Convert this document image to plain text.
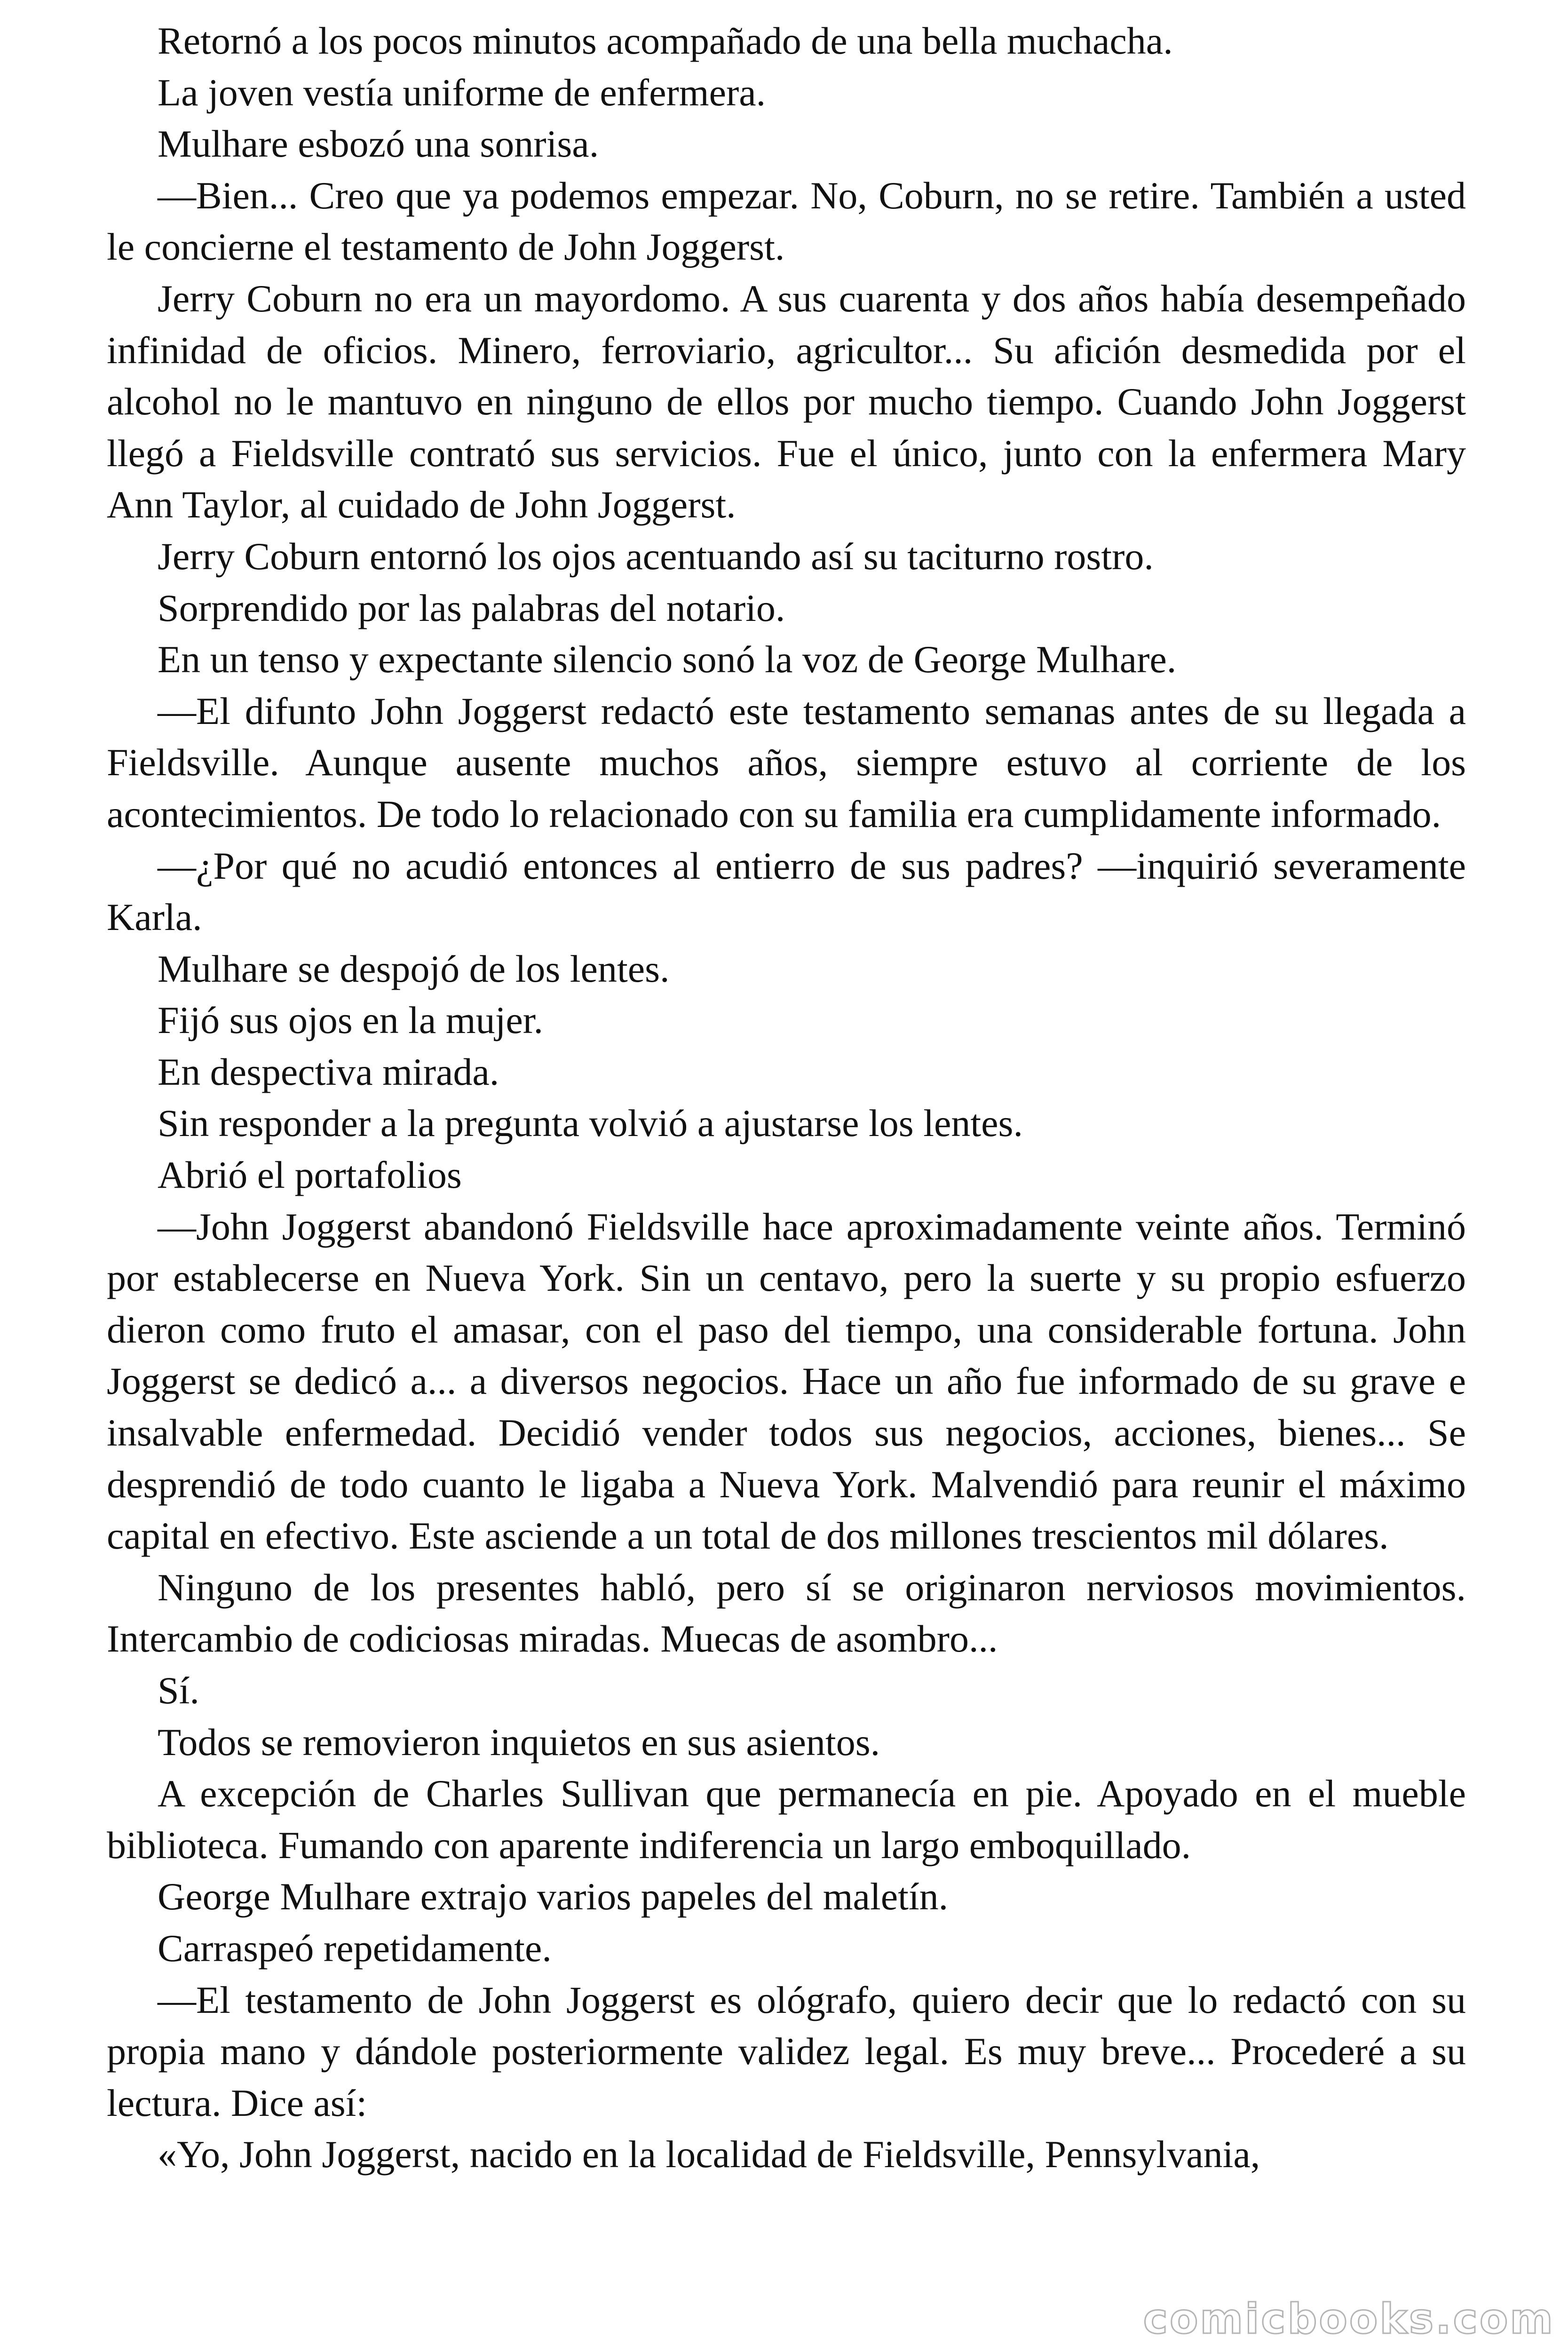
Retornó a los pocos minutos acompañado de una bella muchacha.

La joven vestía uniforme de enfermera.

Mulhare esbozó una sonrisa.

—Bien... Creo que ya podemos empezar. No, Coburn, no se retire. También a usted le concierne el testamento de John Joggerst.

Jerry Coburn no era un mayordomo. A sus cuarenta y dos años había desempeñado infinidad de oficios. Minero, ferroviario, agricultor... Su afición desmedida por el alcohol no le mantuvo en ninguno de ellos por mucho tiempo. Cuando John Joggerst llegó a Fieldsville contrató sus servicios. Fue el único, junto con la enfermera Mary Ann Taylor, al cuidado de John Joggerst.

Jerry Coburn entornó los ojos acentuando así su taciturno rostro.

Sorprendido por las palabras del notario.

En un tenso y expectante silencio sonó la voz de George Mulhare.

—El difunto John Joggerst redactó este testamento semanas antes de su llegada a Fieldsville. Aunque ausente muchos años, siempre estuvo al corriente de los acontecimientos. De todo lo relacionado con su familia era cumplidamente informado.

—¿Por qué no acudió entonces al entierro de sus padres? —inquirió severamente Karla.

Mulhare se despojó de los lentes.

Fijó sus ojos en la mujer.

En despectiva mirada.

Sin responder a la pregunta volvió a ajustarse los lentes.

Abrió el portafolios

—John Joggerst abandonó Fieldsville hace aproximadamente veinte años. Terminó por establecerse en Nueva York. Sin un centavo, pero la suerte y su propio esfuerzo dieron como fruto el amasar, con el paso del tiempo, una considerable fortuna. John Joggerst se dedicó a... a diversos negocios. Hace un año fue informado de su grave e insalvable enfermedad. Decidió vender todos sus negocios, acciones, bienes... Se desprendió de todo cuanto le ligaba a Nueva York. Malvendió para reunir el máximo capital en efectivo. Este asciende a un total de dos millones trescientos mil dólares.

Ninguno de los presentes habló, pero sí se originaron nerviosos movimientos. Intercambio de codiciosas miradas. Muecas de asombro...

Sí.

Todos se removieron inquietos en sus asientos.

A excepción de Charles Sullivan que permanecía en pie. Apoyado en el mueble biblioteca. Fumando con aparente indiferencia un largo emboquillado.

George Mulhare extrajo varios papeles del maletín.

Carraspeó repetidamente.

—El testamento de John Joggerst es ológrafo, quiero decir que lo redactó con su propia mano y dándole posteriormente validez legal. Es muy breve... Procederé a su lectura. Dice así:

«Yo, John Joggerst, nacido en la localidad de Fieldsville, Pennsylvania,

comicbooks.com
